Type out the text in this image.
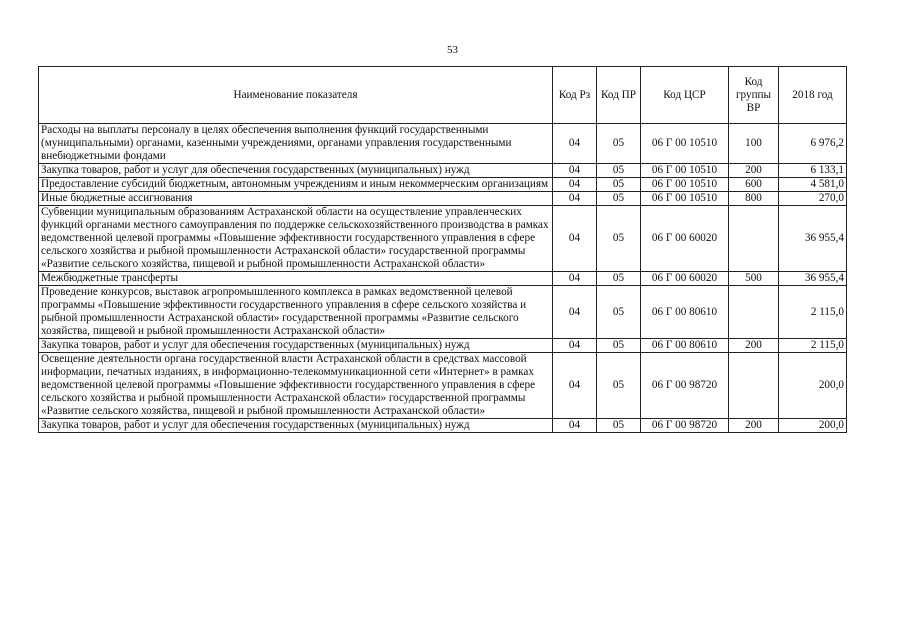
53
Наименование показателя	Код Рз	Код ПР	Код ЦСР	Код группы ВР	2018 год
Расходы на выплаты персоналу в целях обеспечения выполнения функций государственными (муниципальными) органами, казенными учреждениями, органами управления государственными внебюджетными фондами	04	05	06 Г 00 10510	100	6 976,2
Закупка товаров, работ и услуг для обеспечения государственных (муниципальных) нужд	04	05	06 Г 00 10510	200	6 133,1
Предоставление субсидий бюджетным, автономным учреждениям и иным некоммерческим организациям	04	05	06 Г 00 10510	600	4 581,0
Иные бюджетные ассигнования	04	05	06 Г 00 10510	800	270,0
Субвенции муниципальным образованиям Астраханской области на осуществление управленческих функций органами местного самоуправления по поддержке сельскохозяйственного производства в рамках ведомственной целевой программы «Повышение эффективности государственного управления в сфере сельского хозяйства и рыбной промышленности Астраханской области» государственной программы «Развитие сельского хозяйства, пищевой и рыбной промышленности Астраханской области»	04	05	06 Г 00 60020		36 955,4
Межбюджетные трансферты	04	05	06 Г 00 60020	500	36 955,4
Проведение конкурсов, выставок агропромышленного комплекса в рамках ведомственной целевой программы «Повышение эффективности государственного управления в сфере сельского хозяйства и рыбной промышленности Астраханской области» государственной программы «Развитие сельского хозяйства, пищевой и рыбной промышленности Астраханской области»	04	05	06 Г 00 80610		2 115,0
Закупка товаров, работ и услуг для обеспечения государственных (муниципальных) нужд	04	05	06 Г 00 80610	200	2 115,0
Освещение деятельности органа государственной власти Астраханской области в средствах массовой информации, печатных изданиях, в информационно-телекоммуникационной сети «Интернет» в рамках ведомственной целевой программы «Повышение эффективности государственного управления в сфере сельского хозяйства и рыбной промышленности Астраханской области» государственной программы «Развитие сельского хозяйства, пищевой и рыбной промышленности Астраханской области»	04	05	06 Г 00 98720		200,0
Закупка товаров, работ и услуг для обеспечения государственных (муниципальных) нужд	04	05	06 Г 00 98720	200	200,0
